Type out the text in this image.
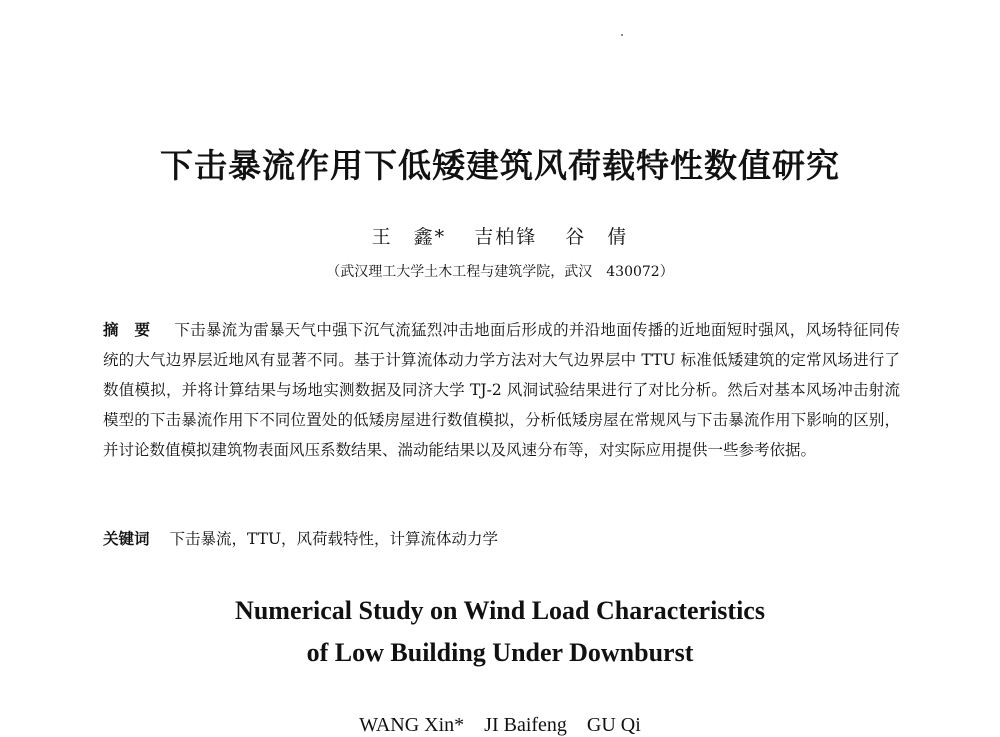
下击暴流作用下低矮建筑风荷载特性数值研究
王　鑫* 吉柏锋 谷　倩
（武汉理工大学土木工程与建筑学院，武汉　430072）
摘　要 下击暴流为雷暴天气中强下沉气流猛烈冲击地面后形成的并沿地面传播的近地面短时强风，风场特征同传统的大气边界层近地风有显著不同。基于计算流体动力学方法对大气边界层中 TTU 标准低矮建筑的定常风场进行了数值模拟，并将计算结果与场地实测数据及同济大学 TJ-2 风洞试验结果进行了对比分析。然后对基本风场冲击射流模型的下击暴流作用下不同位置处的低矮房屋进行数值模拟，分析低矮房屋在常规风与下击暴流作用下影响的区别，并讨论数值模拟建筑物表面风压系数结果、湍动能结果以及风速分布等，对实际应用提供一些参考依据。
关键词 下击暴流，TTU，风荷载特性，计算流体动力学
Numerical Study on Wind Load Characteristics
of Low Building Under Downburst
WANG Xin*　JI Baifeng　GU Qi
